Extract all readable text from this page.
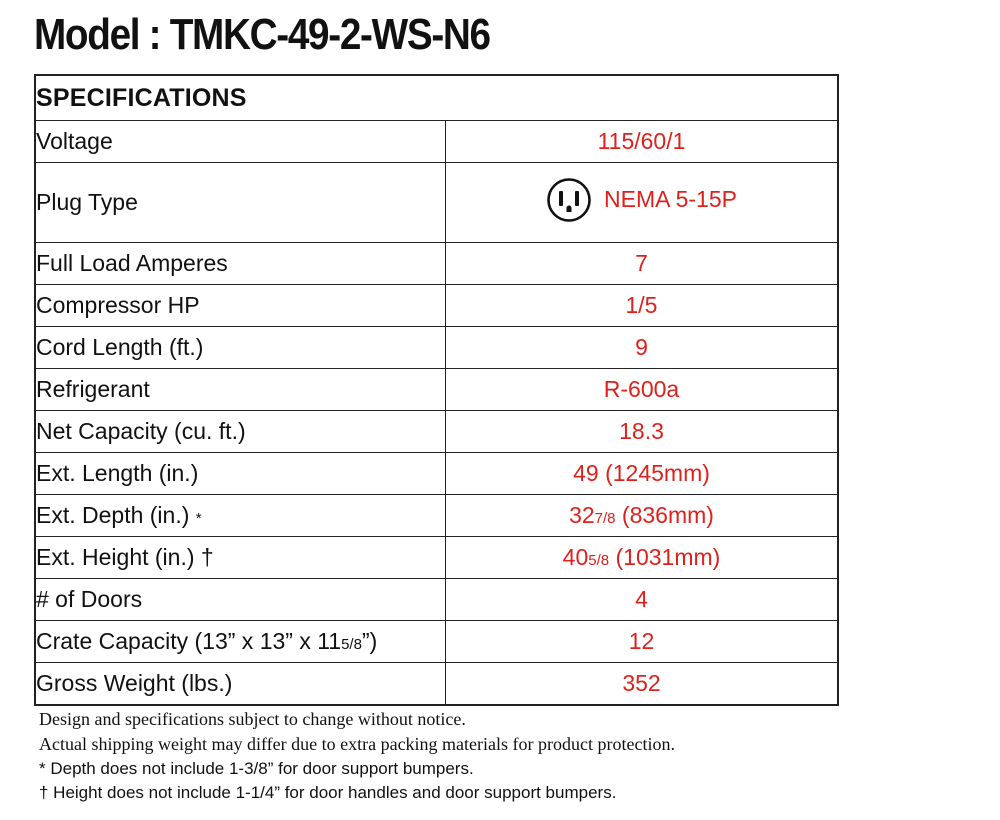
Model : TMKC-49-2-WS-N6
SPECIFICATIONS	
Voltage	115/60/1
Plug Type	NEMA 5-15P

Full Load Amperes	7
Compressor HP	1/5
Cord Length (ft.)	9
Refrigerant	R-600a
Net Capacity (cu. ft.)	18.3
Ext. Length (in.)	49 (1245mm)
Ext. Depth (in.) *	327/8 (836mm)
Ext. Height (in.) †	405/8 (1031mm)
# of Doors	4
Crate Capacity (13” x 13” x 115/8”)	12
Gross Weight (lbs.)	352
Design and specifications subject to change without notice.
Actual shipping weight may differ due to extra packing materials for product protection.
* Depth does not include 1-3/8” for door support bumpers.
† Height does not include 1-1/4” for door handles and door support bumpers.
